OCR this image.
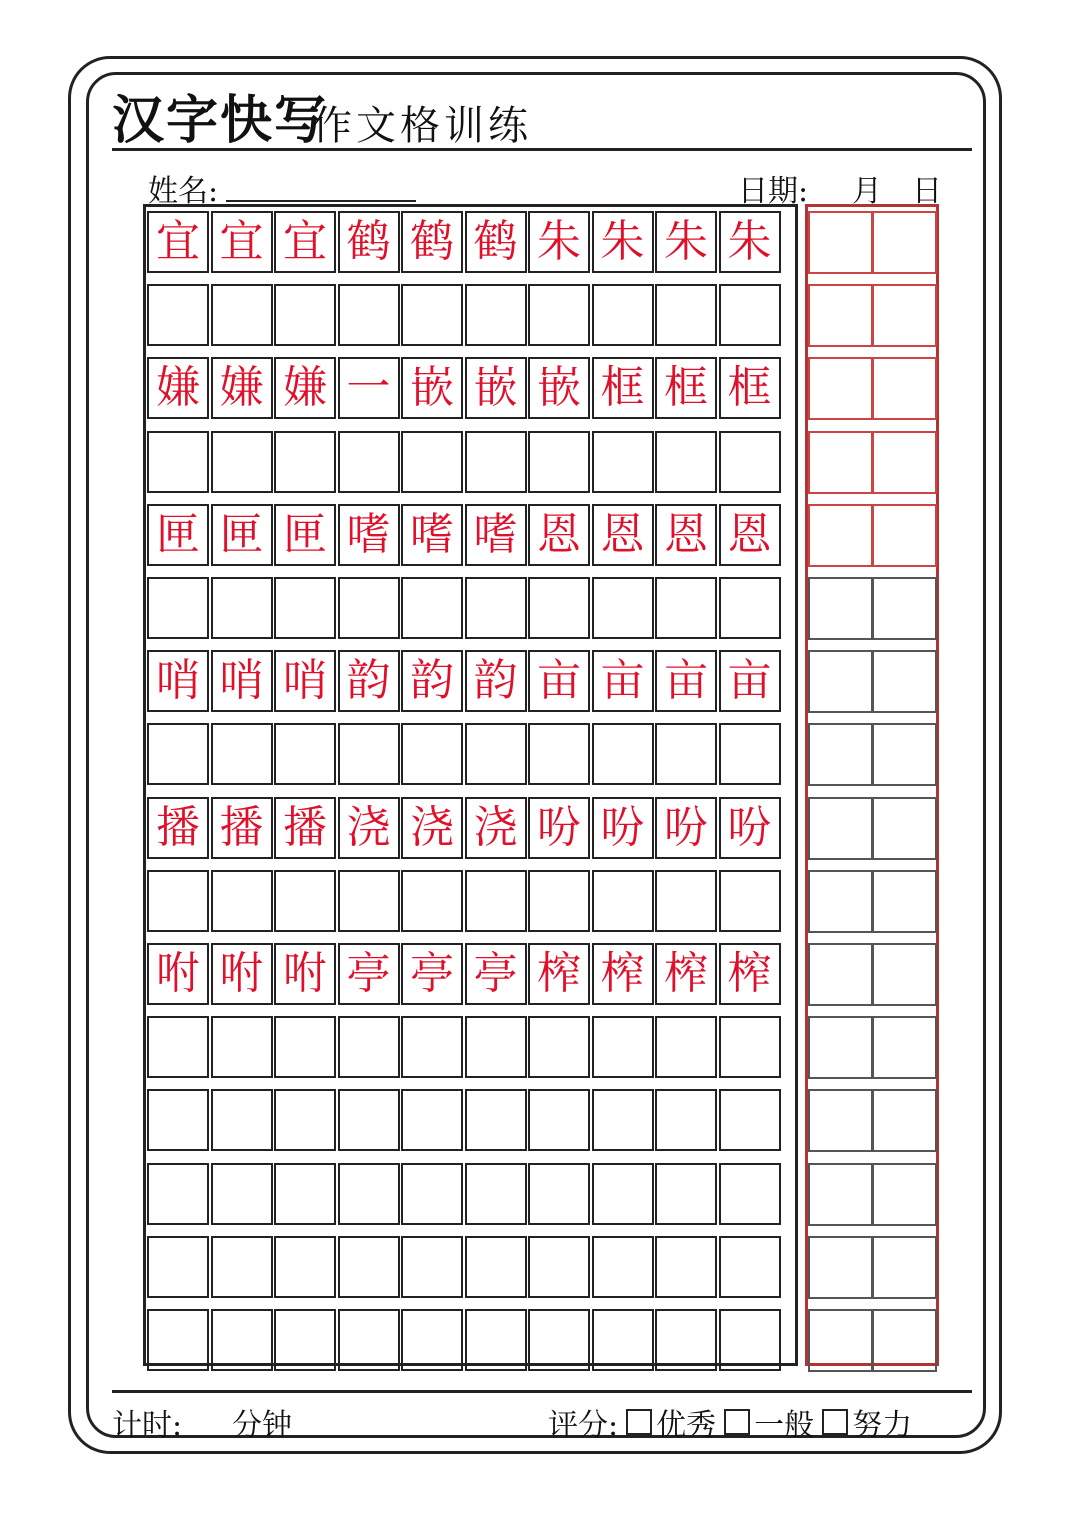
汉字快写
作文格训练
姓名:	日期: 月 日
计时: 分钟	评分: 优秀 一般 努力
宜 宜 宜 鹤 鹤 鹤 朱 朱 朱 朱
嫌 嫌 嫌 一 嵌 嵌 嵌 框 框 框
匣 匣 匣 嗜 嗜 嗜 恩 恩 恩 恩
哨 哨 哨 韵 韵 韵 亩 亩 亩 亩
播 播 播 浇 浇 浇 吩 吩 吩 吩
咐 咐 咐 亭 亭 亭 榨 榨 榨 榨
